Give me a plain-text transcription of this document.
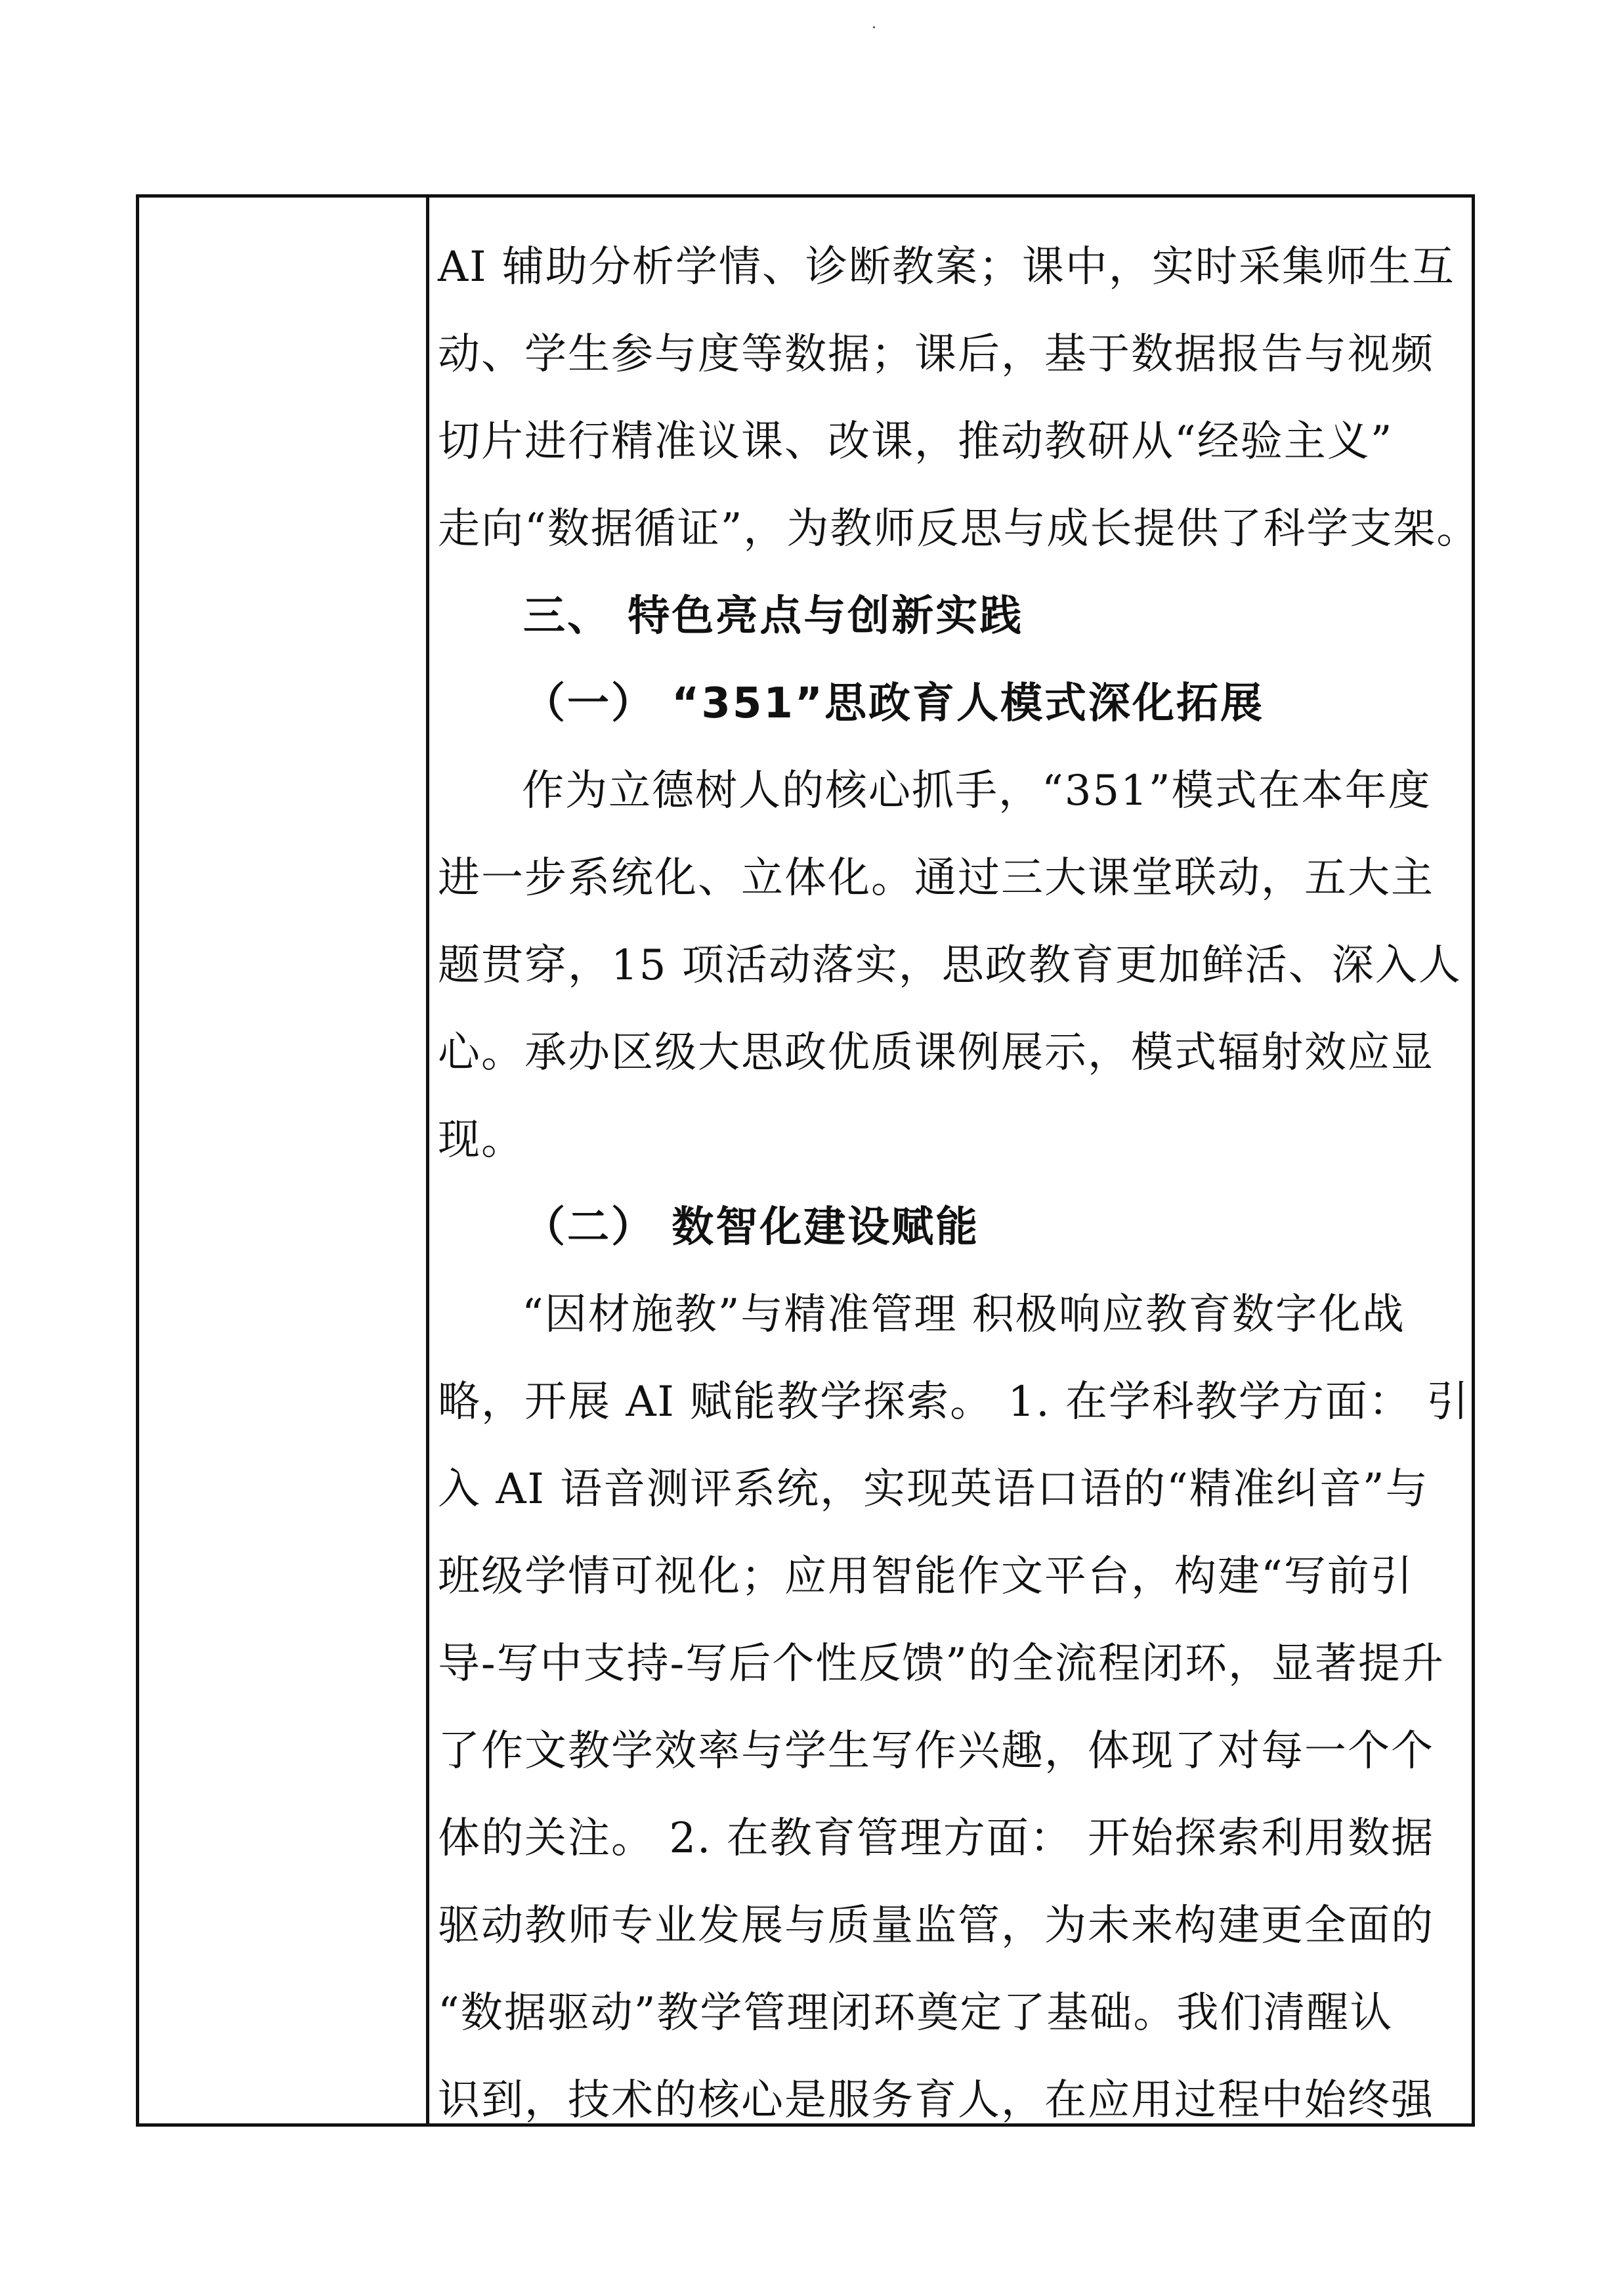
AI 辅助分析学情、诊断教案；课中，实时采集师生互
动、学生参与度等数据；课后，基于数据报告与视频
切片进行精准议课、改课，推动教研从“经验主义”
走向“数据循证”，为教师反思与成长提供了科学支架。
三、 特色亮点与创新实践
（一） “351”思政育人模式深化拓展
作为立德树人的核心抓手，“351”模式在本年度
进一步系统化、立体化。通过三大课堂联动，五大主
题贯穿，15 项活动落实，思政教育更加鲜活、深入人
心。承办区级大思政优质课例展示，模式辐射效应显
现。
（二） 数智化建设赋能
“因材施教”与精准管理 积极响应教育数字化战
略，开展 AI 赋能教学探索。 1. 在学科教学方面： 引
入 AI 语音测评系统，实现英语口语的“精准纠音”与
班级学情可视化；应用智能作文平台，构建“写前引
导-写中支持-写后个性反馈”的全流程闭环，显著提升
了作文教学效率与学生写作兴趣，体现了对每一个个
体的关注。 2. 在教育管理方面： 开始探索利用数据
驱动教师专业发展与质量监管，为未来构建更全面的
“数据驱动”教学管理闭环奠定了基础。我们清醒认
识到，技术的核心是服务育人，在应用过程中始终强
